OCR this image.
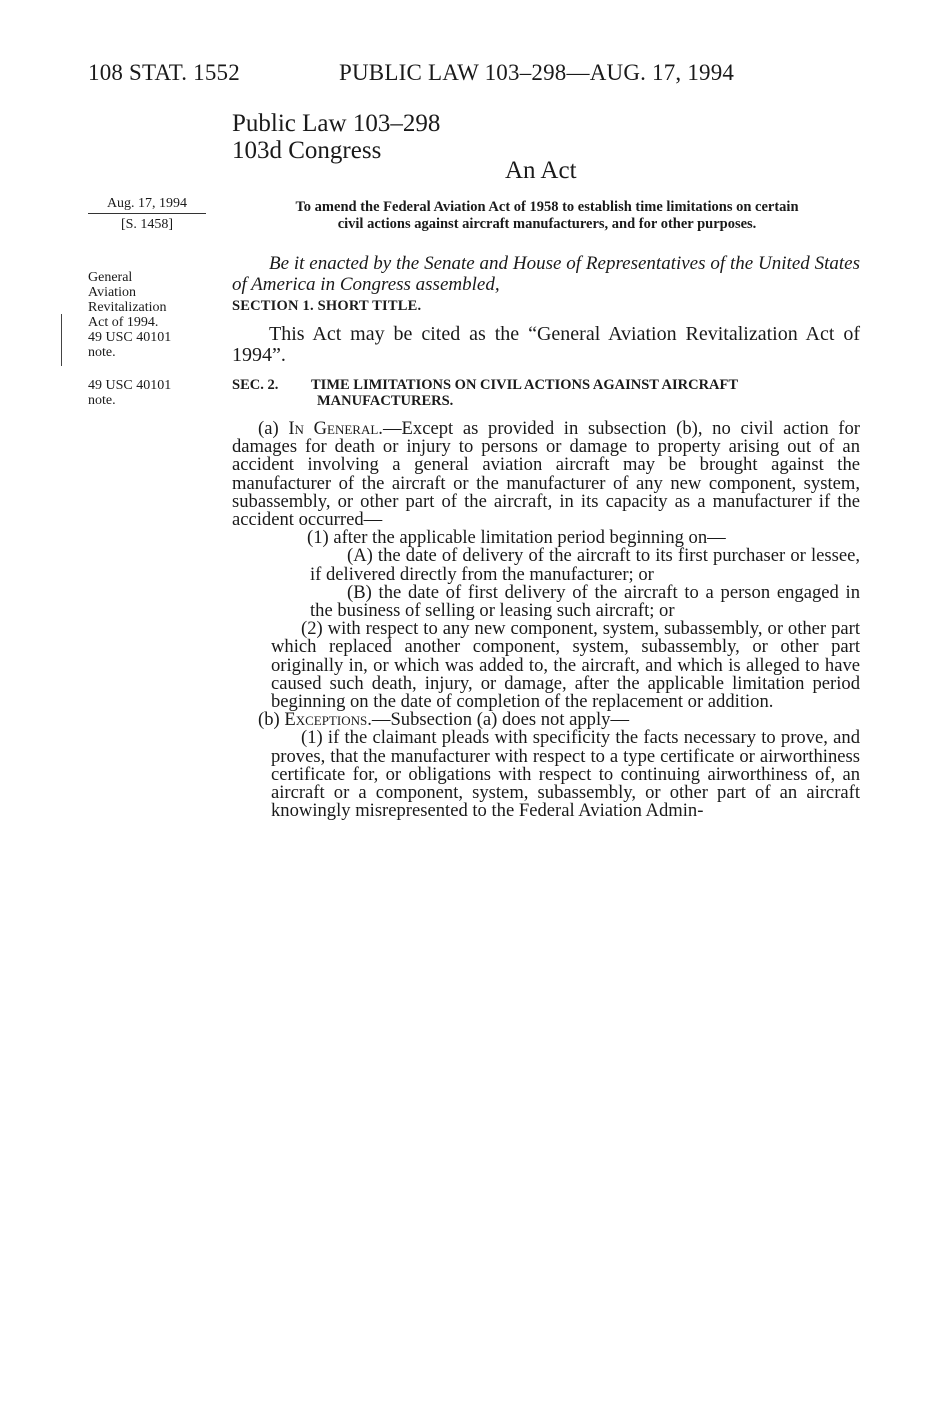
108 STAT. 1552	PUBLIC LAW 103–298—AUG. 17, 1994
Public Law 103–298
103d Congress
An Act
Aug. 17, 1994
[S. 1458]
To amend the Federal Aviation Act of 1958 to establish time limitations on certain
civil actions against aircraft manufacturers, and for other purposes.
General
Aviation
Revitalization
Act of 1994.
49 USC 40101
note.
49 USC 40101
note.
Be it enacted by the Senate and House of Representatives of the United States of America in Congress assembled,
SECTION 1. SHORT TITLE.
This Act may be cited as the “General Aviation Revitalization Act of 1994”.
SEC. 2. TIME LIMITATIONS ON CIVIL ACTIONS AGAINST AIRCRAFT
MANUFACTURERS.

(a) In General.—Except as provided in subsection (b), no civil action for damages for death or injury to persons or damage to property arising out of an accident involving a general aviation aircraft may be brought against the manufacturer of the aircraft or the manufacturer of any new component, system, subassembly, or other part of the aircraft, in its capacity as a manufacturer if the accident occurred—

(1) after the applicable limitation period beginning on—

(A) the date of delivery of the aircraft to its first purchaser or lessee, if delivered directly from the manufacturer; or

(B) the date of first delivery of the aircraft to a person engaged in the business of selling or leasing such aircraft; or

(2) with respect to any new component, system, subassembly, or other part which replaced another component, system, subassembly, or other part originally in, or which was added to, the aircraft, and which is alleged to have caused such death, injury, or damage, after the applicable limitation period beginning on the date of completion of the replacement or addition.

(b) Exceptions.—Subsection (a) does not apply—

(1) if the claimant pleads with specificity the facts necessary to prove, and proves, that the manufacturer with respect to a type certificate or airworthiness certificate for, or obligations with respect to continuing airworthiness of, an aircraft or a component, system, subassembly, or other part of an aircraft knowingly misrepresented to the Federal Aviation Admin-
